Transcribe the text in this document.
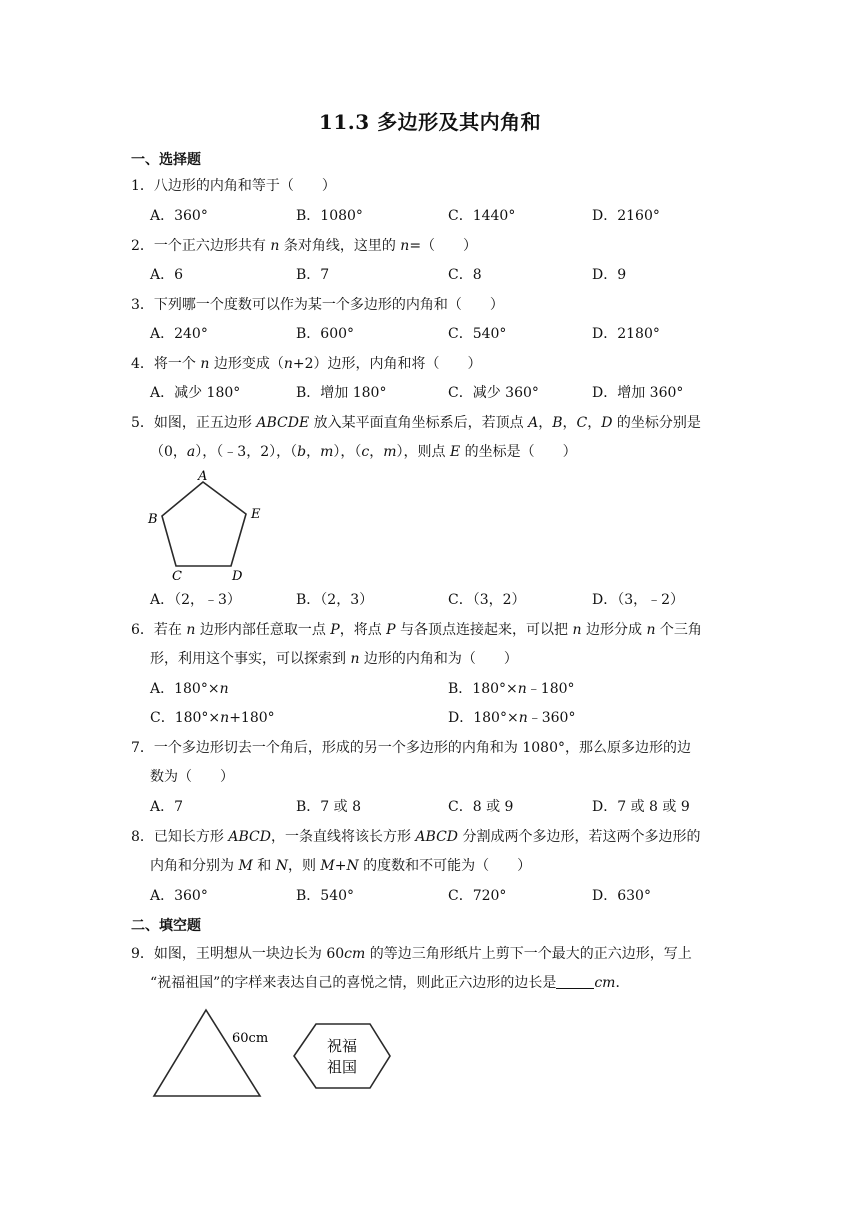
11.3 多边形及其内角和
一、选择题
1．八边形的内角和等于（　　）
A．360°	B．1080°	C．1440°	D．2160°
2．一个正六边形共有 n 条对角线，这里的 n=（　　）
A．6	B．7	C．8	D．9
3．下列哪一个度数可以作为某一个多边形的内角和（　　）
A．240°	B．600°	C．540°	D．2180°
4．将一个 n 边形变成（n+2）边形，内角和将（　　）
A．减少 180°	B．增加 180°	C．减少 360°	D．增加 360°
5．如图，正五边形 ABCDE 放入某平面直角坐标系后，若顶点 A，B，C，D 的坐标分别是
（0，a），（﹣3，2），（b，m），（c，m），则点 E 的坐标是（　　）
A
B
C	D
E
A．（2，﹣3）	B．（2，3）	C．（3，2）	D．（3，﹣2）
6．若在 n 边形内部任意取一点 P，将点 P 与各顶点连接起来，可以把 n 边形分成 n 个三角
形，利用这个事实，可以探索到 n 边形的内角和为（　　）
A．180°×n	B．180°×n﹣180°
C．180°×n+180°	D．180°×n﹣360°
7．一个多边形切去一个角后，形成的另一个多边形的内角和为 1080°，那么原多边形的边
数为（　　）
A．7	B．7 或 8	C．8 或 9	D．7 或 8 或 9
8．已知长方形 ABCD，一条直线将该长方形 ABCD 分割成两个多边形，若这两个多边形的
内角和分别为 M 和 N，则 M+N 的度数和不可能为（　　）
A．360°	B．540°	C．720°	D．630°
二、填空题
9．如图，王明想从一块边长为 60cm 的等边三角形纸片上剪下一个最大的正六边形，写上
“祝福祖国”的字样来表达自己的喜悦之情，则此正六边形的边长是	cm．
60cm	祝福
祖国
